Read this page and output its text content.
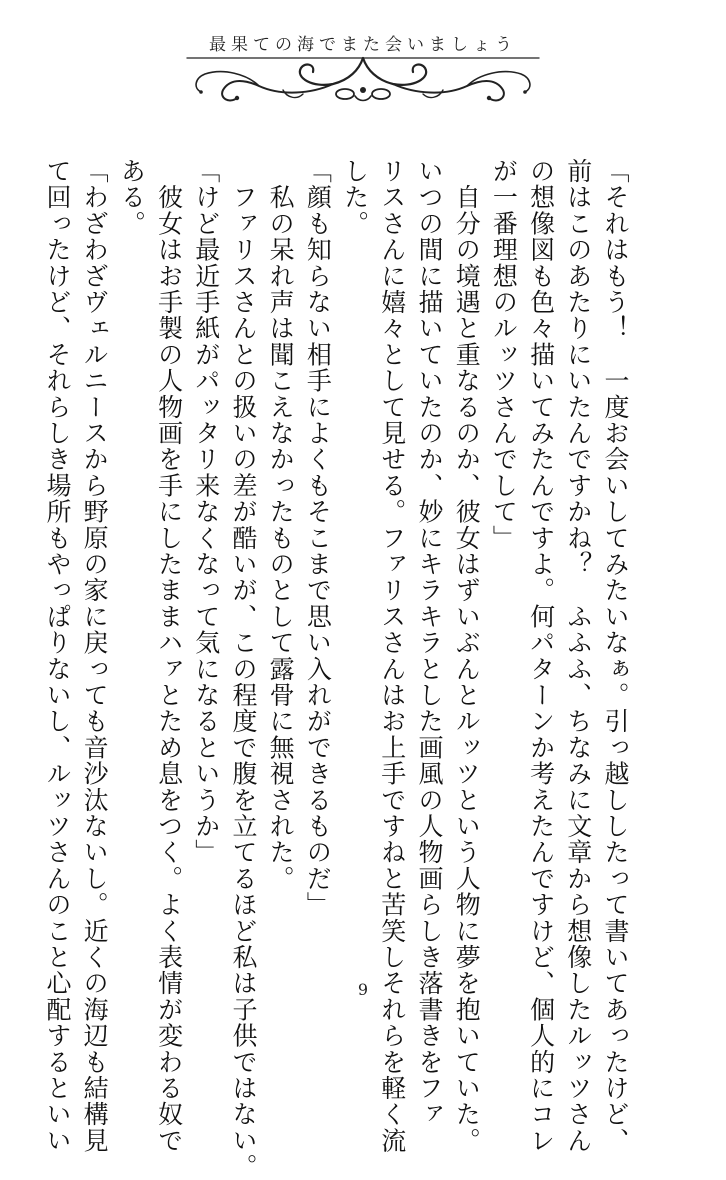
最果ての海でまた会いましょう
「それはもう！　一度お会いしてみたいなぁ。引っ越ししたって書いてあったけど、
前はこのあたりにいたんですかね？　ふふふ、ちなみに文章から想像したルッツさん
の想像図も色々描いてみたんですよ。何パターンか考えたんですけど、個人的にコレ
が一番理想のルッツさんでして」
　自分の境遇と重なるのか、彼女はずいぶんとルッツという人物に夢を抱いていた。
いつの間に描いていたのか、妙にキラキラとした画風の人物画らしき落書きをファ
リスさんに嬉々として見せる。ファリスさんはお上手ですねと苦笑しそれらを軽く流
した。
「顔も知らない相手によくもそこまで思い入れができるものだ」
　私の呆れ声は聞こえなかったものとして露骨に無視された。
　ファリスさんとの扱いの差が酷いが、この程度で腹を立てるほど私は子供ではない。
「けど最近手紙がパッタリ来なくなって気になるというか」
　彼女はお手製の人物画を手にしたままハァとため息をつく。よく表情が変わる奴で
ある。
「わざわざヴェルニースから野原の家に戻っても音沙汰ないし。近くの海辺も結構見
て回ったけど、それらしき場所もやっぱりないし、ルッツさんのこと心配するといい	9
